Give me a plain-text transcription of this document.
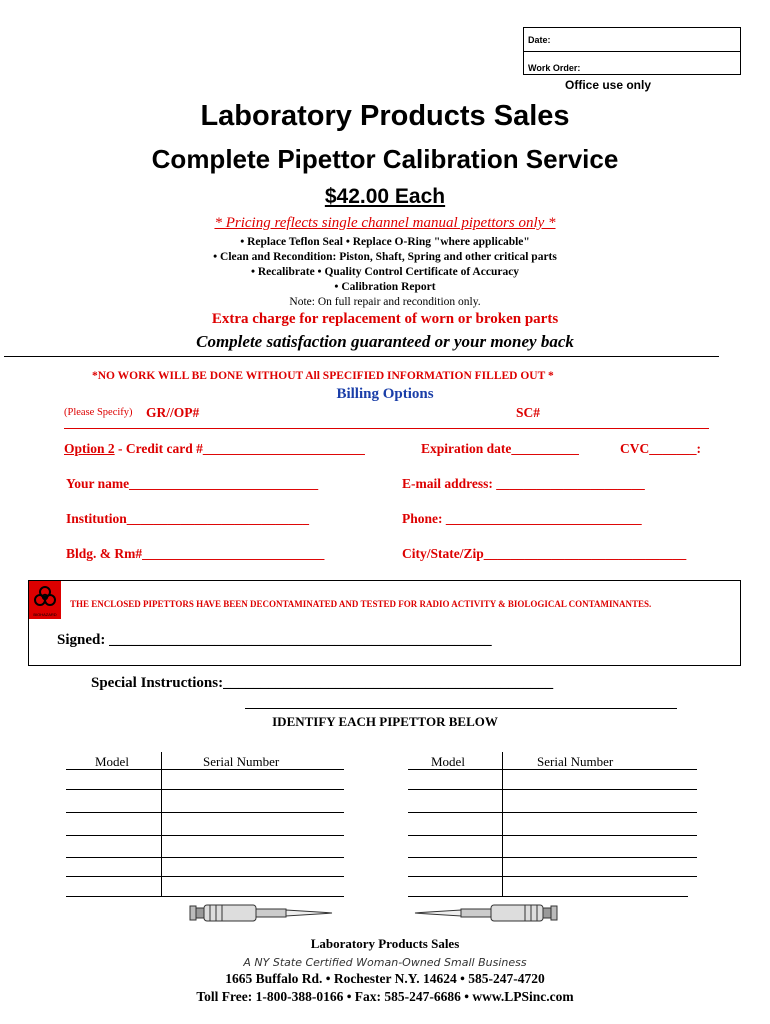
Date:
Work Order:
Office use only
Laboratory Products Sales
Complete Pipettor Calibration Service
$42.00 Each
* Pricing reflects single channel manual pipettors only *
• Replace Teflon Seal • Replace O-Ring "where applicable"
• Clean and Recondition: Piston, Shaft, Spring and other critical parts
• Recalibrate • Quality Control Certificate of Accuracy
• Calibration Report
Note: On full repair and recondition only.
Extra charge for replacement of worn or broken parts
Complete satisfaction guaranteed or your money back
*NO WORK WILL BE DONE WITHOUT All SPECIFIED INFORMATION FILLED OUT *
Billing Options
(Please Specify) GR//OP#	SC#
Option 2 - Credit card #________________________	Expiration date__________	CVC_______:
Your name____________________________	E-mail address: ______________________
Institution___________________________	Phone: _____________________________
Bldg. & Rm#___________________________	City/State/Zip______________________________
BIOHAZARD
THE ENCLOSED PIPETTORS HAVE BEEN DECONTAMINATED AND TESTED FOR RADIO ACTIVITY & BIOLOGICAL CONTAMINANTES.
Signed: ___________________________________________________
Special Instructions:____________________________________________
IDENTIFY EACH PIPETTOR BELOW
Model	Serial Number	Model	Serial Number
Laboratory Products Sales
A NY State Certified Woman-Owned Small Business
1665 Buffalo Rd. • Rochester N.Y. 14624 • 585-247-4720
Toll Free: 1-800-388-0166 • Fax: 585-247-6686 • www.LPSinc.com
